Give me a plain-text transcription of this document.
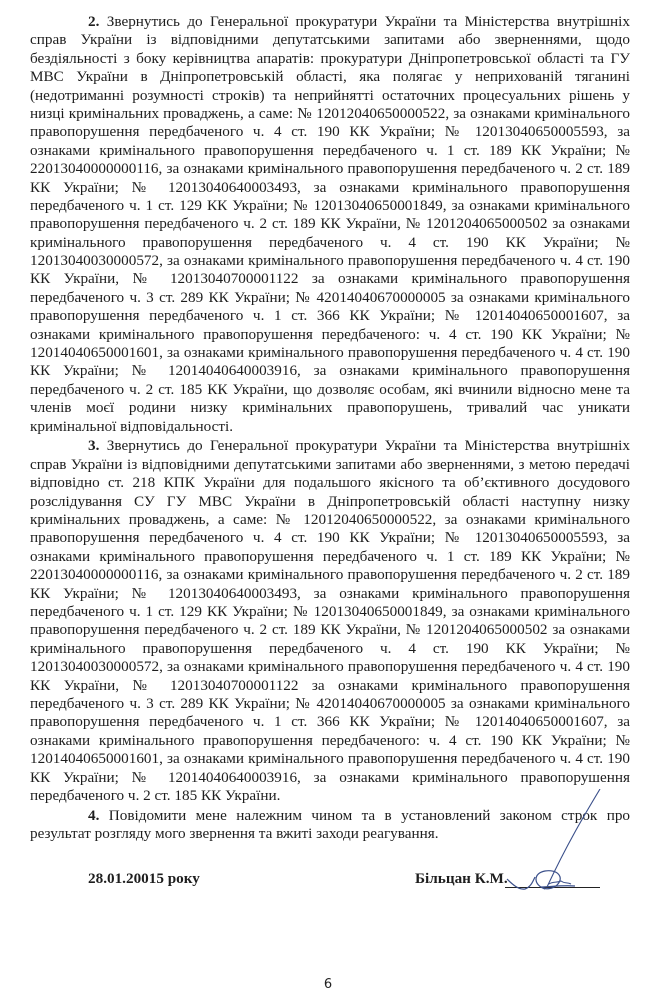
2. Звернутись до Генеральної прокуратури України та Міністерства внутрішніх
справ України із відповідними депутатськими запитами або зверненнями, щодо
бездіяльності з боку керівництва апаратів: прокуратури Дніпропетровської області та ГУ
МВС України в Дніпропетровській області, яка полягає у неприхованій тяганині
(недотриманні розумності строків) та неприйнятті остаточних процесуальних рішень у
низці кримінальних проваджень, а саме: № 12012040650000522, за ознаками кримінального
правопорушення передбаченого ч. 4 ст. 190 КК України; № 12013040650005593, за
ознаками кримінального правопорушення передбаченого ч. 1 ст. 189 КК України; №
22013040000000116, за ознаками кримінального правопорушення передбаченого ч. 2 ст. 189
КК України; № 12013040640003493, за ознаками кримінального правопорушення
передбаченого ч. 1 ст. 129 КК України; № 12013040650001849, за ознаками кримінального
правопорушення передбаченого ч. 2 ст. 189 КК України, № 1201204065000502 за ознаками
кримінального правопорушення передбаченого ч. 4 ст. 190 КК України; №
12013040030000572, за ознаками кримінального правопорушення передбаченого ч. 4 ст. 190
КК України, № 12013040700001122 за ознаками кримінального правопорушення
передбаченого ч. 3 ст. 289 КК України; № 42014040670000005 за ознаками кримінального
правопорушення передбаченого ч. 1 ст. 366 КК України; № 12014040650001607, за
ознаками кримінального правопорушення передбаченого: ч. 4 ст. 190 КК України; №
12014040650001601, за ознаками кримінального правопорушення передбаченого ч. 4 ст. 190
КК України; № 12014040640003916, за ознаками кримінального правопорушення
передбаченого ч. 2 ст. 185 КК України, що дозволяє особам, які вчинили відносно мене та
членів моєї родини низку кримінальних правопорушень, тривалий час уникати
кримінальної відповідальності.
3. Звернутись до Генеральної прокуратури України та Міністерства внутрішніх
справ України із відповідними депутатськими запитами або зверненнями, з метою передачі
відповідно ст. 218 КПК України для подальшого якісного та об’єктивного досудового
розслідування СУ ГУ МВС України в Дніпропетровській області наступну низку
кримінальних проваджень, а саме: № 12012040650000522, за ознаками кримінального
правопорушення передбаченого ч. 4 ст. 190 КК України; № 12013040650005593, за
ознаками кримінального правопорушення передбаченого ч. 1 ст. 189 КК України; №
22013040000000116, за ознаками кримінального правопорушення передбаченого ч. 2 ст. 189
КК України; № 12013040640003493, за ознаками кримінального правопорушення
передбаченого ч. 1 ст. 129 КК України; № 12013040650001849, за ознаками кримінального
правопорушення передбаченого ч. 2 ст. 189 КК України, № 1201204065000502 за ознаками
кримінального правопорушення передбаченого ч. 4 ст. 190 КК України; №
12013040030000572, за ознаками кримінального правопорушення передбаченого ч. 4 ст. 190
КК України, № 12013040700001122 за ознаками кримінального правопорушення
передбаченого ч. 3 ст. 289 КК України; № 42014040670000005 за ознаками кримінального
правопорушення передбаченого ч. 1 ст. 366 КК України; № 12014040650001607, за
ознаками кримінального правопорушення передбаченого: ч. 4 ст. 190 КК України; №
12014040650001601, за ознаками кримінального правопорушення передбаченого ч. 4 ст. 190
КК України; № 12014040640003916, за ознаками кримінального правопорушення
передбаченого ч. 2 ст. 185 КК України.
4. Повідомити мене належним чином та в установлений законом строк про
результат розгляду мого звернення та вжиті заходи реагування.
28.01.20015 року	Більцан К.М.
6
